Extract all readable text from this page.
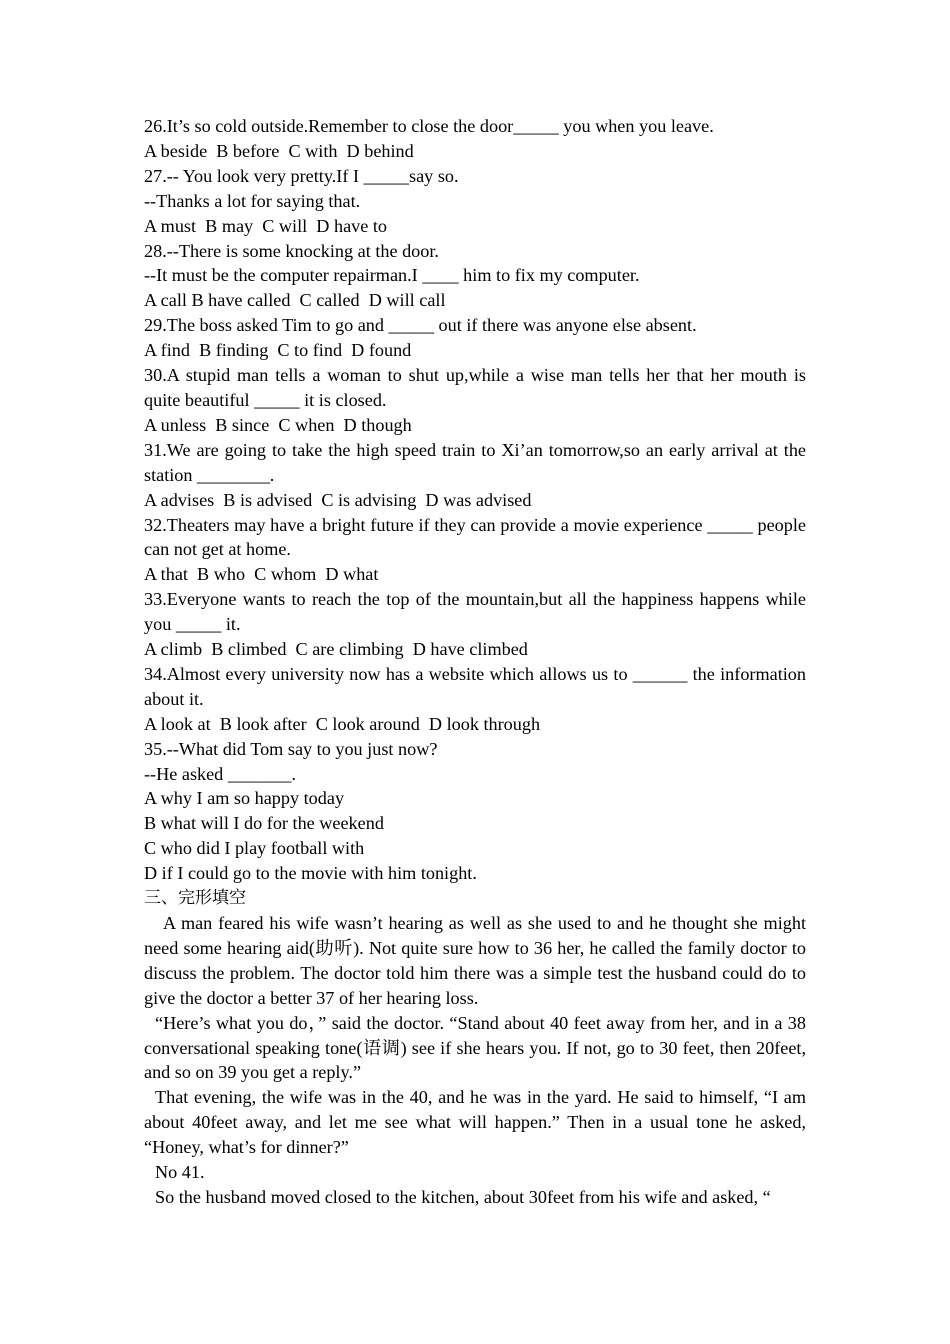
26.It’s so cold outside.Remember to close the door_____ you when you leave.
A beside  B before  C with  D behind
27.-- You look very pretty.If I _____say so.
--Thanks a lot for saying that.
A must  B may  C will  D have to
28.--There is some knocking at the door.
--It must be the computer repairman.I ____ him to fix my computer.
A call B have called  C called  D will call
29.The boss asked Tim to go and _____ out if there was anyone else absent.
A find  B finding  C to find  D found
30.A stupid man tells a woman to shut up,while a wise man tells her that her mouth is quite beautiful _____ it is closed.
A unless  B since  C when  D though
31.We are going to take the high speed train to Xi’an tomorrow,so an early arrival at the station ________.
A advises  B is advised  C is advising  D was advised
32.Theaters may have a bright future if they can provide a movie experience _____ people can not get at home.
A that  B who  C whom  D what
33.Everyone wants to reach the top of the mountain,but all the happiness happens while you _____ it.
A climb  B climbed  C are climbing  D have climbed
34.Almost every university now has a website which allows us to ______ the information about it.
A look at  B look after  C look around  D look through
35.--What did Tom say to you just now?
--He asked _______.
A why I am so happy today
B what will I do for the weekend
C who did I play football with
D if I could go to the movie with him tonight.
三、完形填空
A man feared his wife wasn’t hearing as well as she used to and he thought she might need some hearing aid(助听). Not quite sure how to 36 her, he called the family doctor to discuss the problem. The doctor told him there was a simple test the husband could do to give the doctor a better 37 of her hearing loss.
“Here’s what you do，” said the doctor. “Stand about 40 feet away from her, and in a 38 conversational speaking tone(语调) see if she hears you. If not, go to 30 feet, then 20feet, and so on 39 you get a reply.”
That evening, the wife was in the 40, and he was in the yard. He said to himself, “I am about 40feet away, and let me see what will happen.” Then in a usual tone he asked, “Honey, what’s for dinner?”
No 41.
So the husband moved closed to the kitchen, about 30feet from his wife and asked, “
